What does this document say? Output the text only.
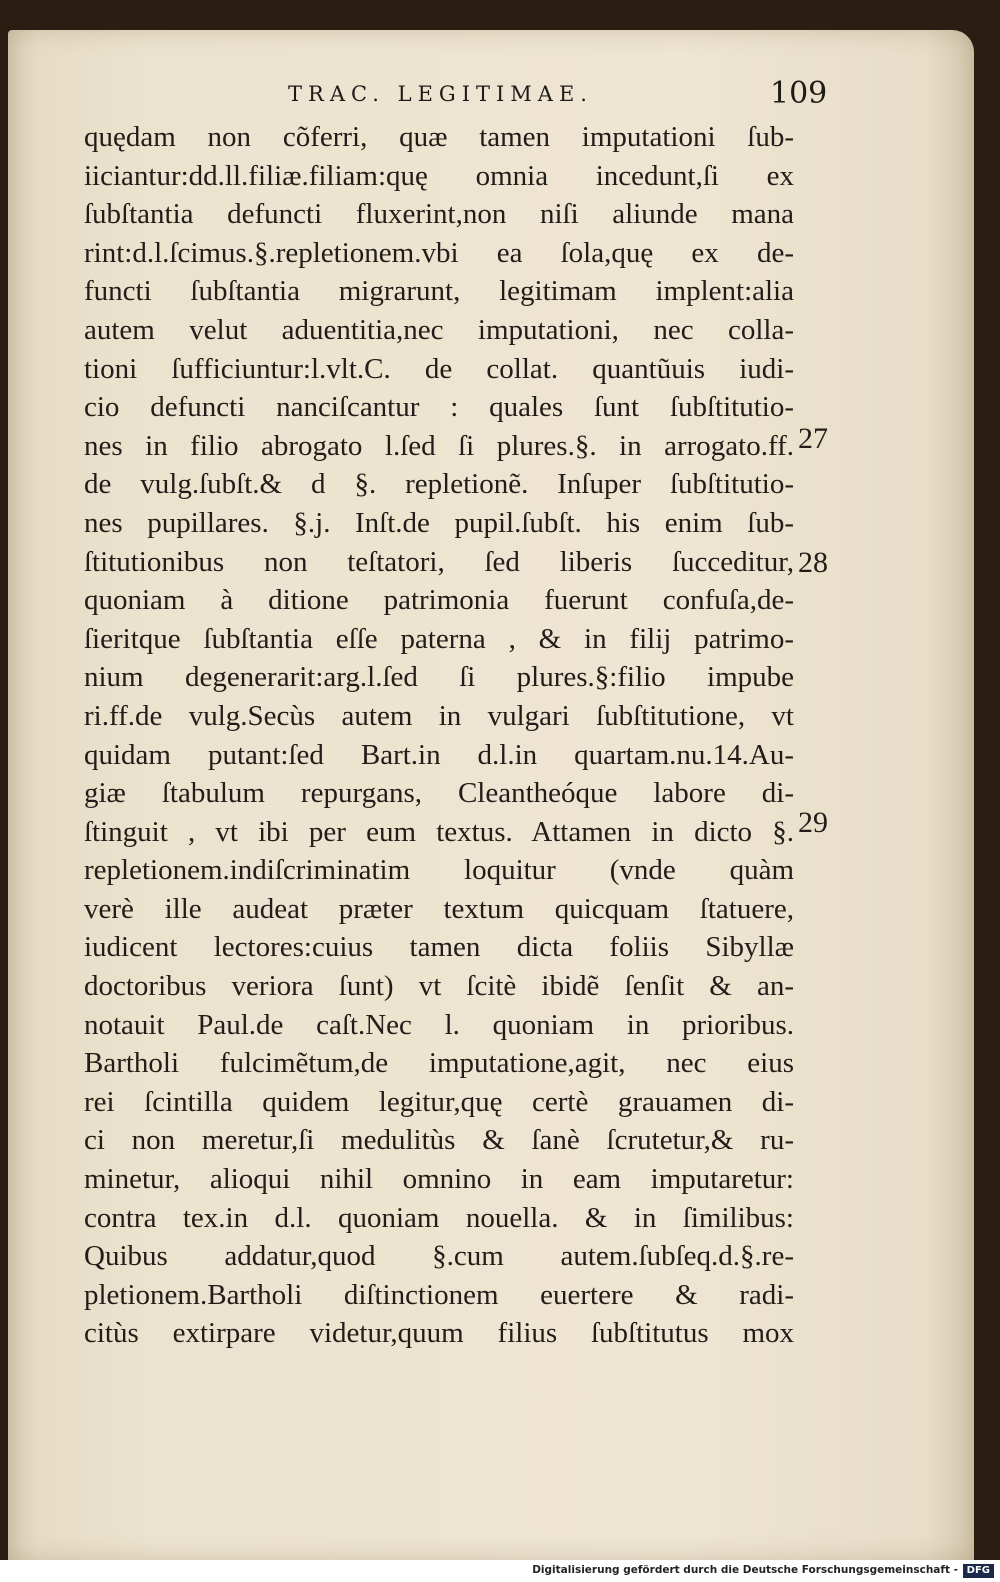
TRAC. LEGITIMAE.	109
quędam non cõferri, quæ tamen imputationi ſub-
iiciantur:dd.ll.filiæ.filiam:quę omnia incedunt,ſi ex
ſubſtantia defuncti fluxerint,non niſi aliunde mana
rint:d.l.ſcimus.§.repletionem.vbi ea ſola,quę ex de-
functi ſubſtantia migrarunt, legitimam implent:alia
autem velut aduentitia,nec imputationi, nec colla-
tioni ſufficiuntur:l.vlt.C. de collat. quantũuis iudi-
cio defuncti nanciſcantur : quales ſunt ſubſtitutio-
nes in filio abrogato l.ſed ſi plures.§. in arrogato.ff.
de vulg.ſubſt.& d §. repletionẽ. Inſuper ſubſtitutio-
nes pupillares. §.j. Inſt.de pupil.ſubſt. his enim ſub-
ſtitutionibus non teſtatori, ſed liberis ſucceditur,
quoniam à ditione patrimonia fuerunt confuſa,de-
ſieritque ſubſtantia eſſe paterna , & in filij patrimo-
nium degenerarit:arg.l.ſed ſi plures.§:filio impube
ri.ff.de vulg.Secùs autem in vulgari ſubſtitutione, vt
quidam putant:ſed Bart.in d.l.in quartam.nu.14.Au-
giæ ſtabulum repurgans, Cleantheóque labore di-
ſtinguit , vt ibi per eum textus. Attamen in dicto §.
repletionem.indiſcriminatim loquitur (vnde quàm
verè ille audeat præter textum quicquam ſtatuere,
iudicent lectores:cuius tamen dicta foliis Sibyllæ
doctoribus veriora ſunt) vt ſcitè ibidẽ ſenſit & an-
notauit Paul.de caſt.Nec l. quoniam in prioribus.
Bartholi fulcimẽtum,de imputatione,agit, nec eius
rei ſcintilla quidem legitur,quę certè grauamen di-
ci non meretur,ſi medulitùs & ſanè ſcrutetur,& ru-
minetur, alioqui nihil omnino in eam imputaretur:
contra tex.in d.l. quoniam nouella. & in ſimilibus:
Quibus addatur,quod §.cum autem.ſubſeq.d.§.re-
pletionem.Bartholi diſtinctionem euertere & radi-
citùs extirpare videtur,quum filius ſubſtitutus mox
27
28
29
Digitalisierung gefördert durch die Deutsche Forschungsgemeinschaft - DFG
